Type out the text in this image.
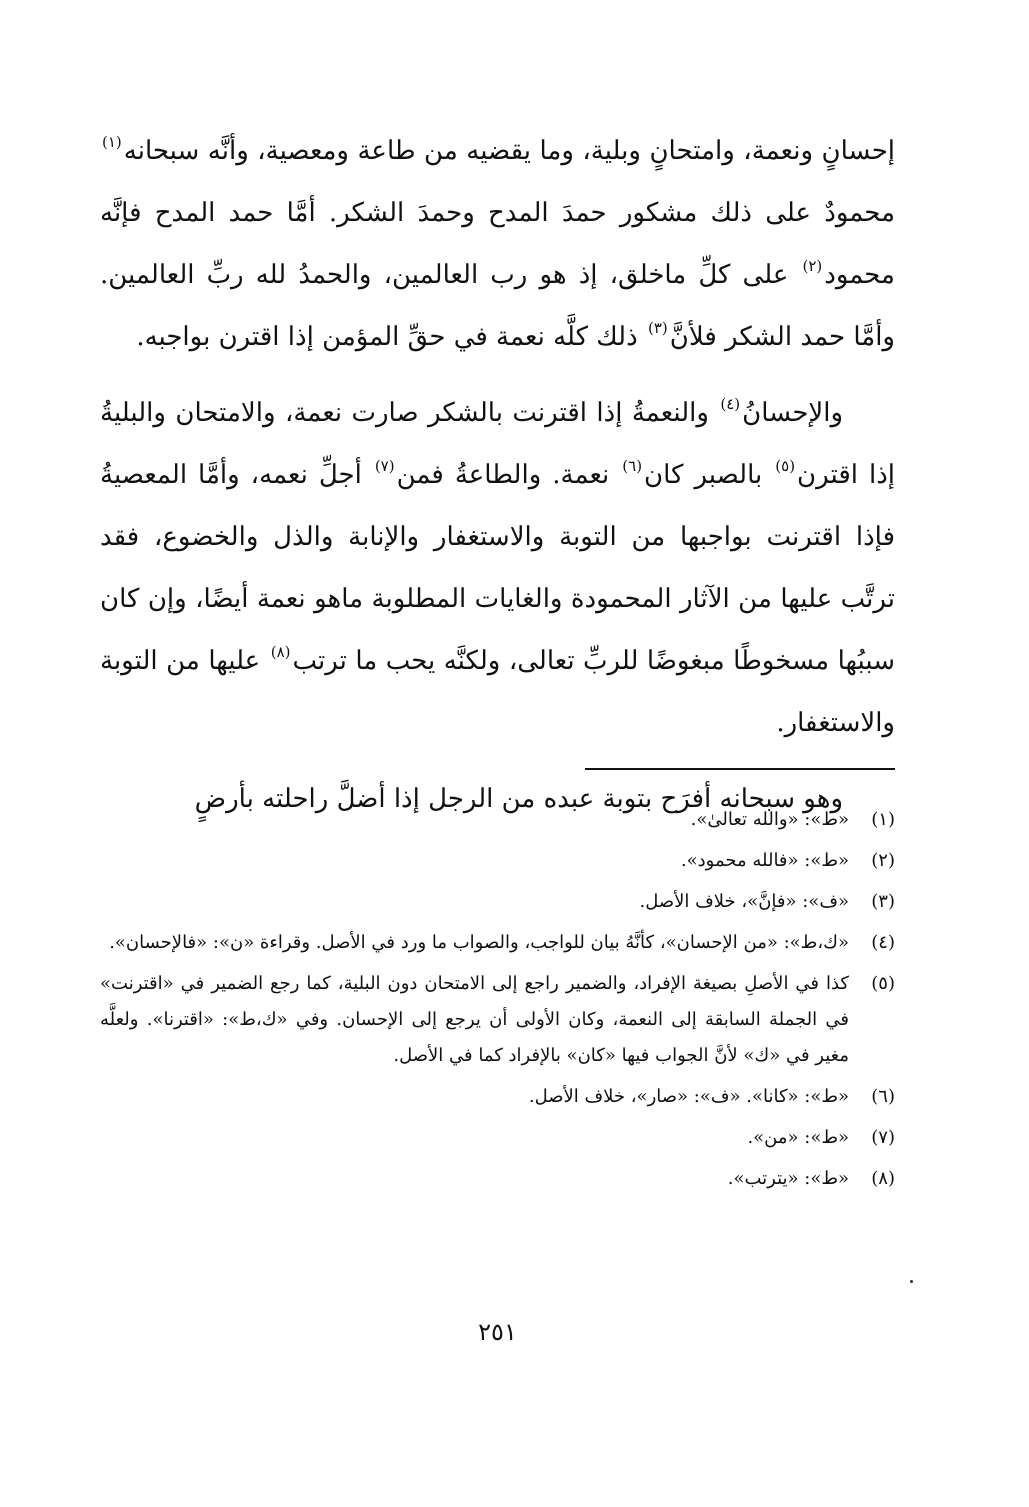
إحسانٍ ونعمة، وامتحانٍ وبلية، وما يقضيه من طاعة ومعصية، وأنَّه سبحانه$^{(١)}$ محمودٌ على ذلك مشكور حمدَ المدح وحمدَ الشكر. أمَّا حمد المدح فإنَّه محمود$^{(٢)}$ على كلِّ ماخلق، إذ هو رب العالمين، والحمدُ لله ربِّ العالمين. وأمَّا حمد الشكر فلأنَّ$^{(٣)}$ ذلك كلَّه نعمة في حقِّ المؤمن إذا اقترن بواجبه.

والإحسانُ$^{(٤)}$ والنعمةُ إذا اقترنت بالشكر صارت نعمة، والامتحان والبليةُ إذا اقترن$^{(٥)}$ بالصبر كان$^{(٦)}$ نعمة. والطاعةُ فمن$^{(٧)}$ أجلِّ نعمه، وأمَّا المعصيةُ فإذا اقترنت بواجبها من التوبة والاستغفار والإنابة والذل والخضوع، فقد ترتَّب عليها من الآثار المحمودة والغايات المطلوبة ماهو نعمة أيضًا، وإن كان سببُها مسخوطًا مبغوضًا للربِّ تعالى، ولكنَّه يحب ما ترتب$^{(٨)}$ عليها من التوبة والاستغفار.

وهو سبحانه أفرَح بتوبة عبده من الرجل إذا أضلَّ راحلته بأرضٍ

(١)
«ط»: «والله تعالىٰ».
(٢)
«ط»: «فالله محمود».
(٣)
«ف»: «فإنَّ»، خلاف الأصل.
(٤)
«ك،ط»: «من الإحسان»، كأنَّهُ بيان للواجب، والصواب ما ورد في الأصل. وقراءة «ن»: «فالإحسان».
(٥)
كذا في الأصلِ بصيغة الإفراد، والضمير راجع إلى الامتحان دون البلية، كما رجع الضمير في «اقترنت» في الجملة السابقة إلى النعمة، وكان الأولى أن يرجع إلى الإحسان. وفي «ك،ط»: «اقترنا». ولعلَّه مغير في «ك» لأنَّ الجواب فيها «كان» بالإفراد كما في الأصل.
(٦)
«ط»: «كانا». «ف»: «صار»، خلاف الأصل.
(٧)
«ط»: «من».
(٨)
«ط»: «يترتب».
٢٥١
